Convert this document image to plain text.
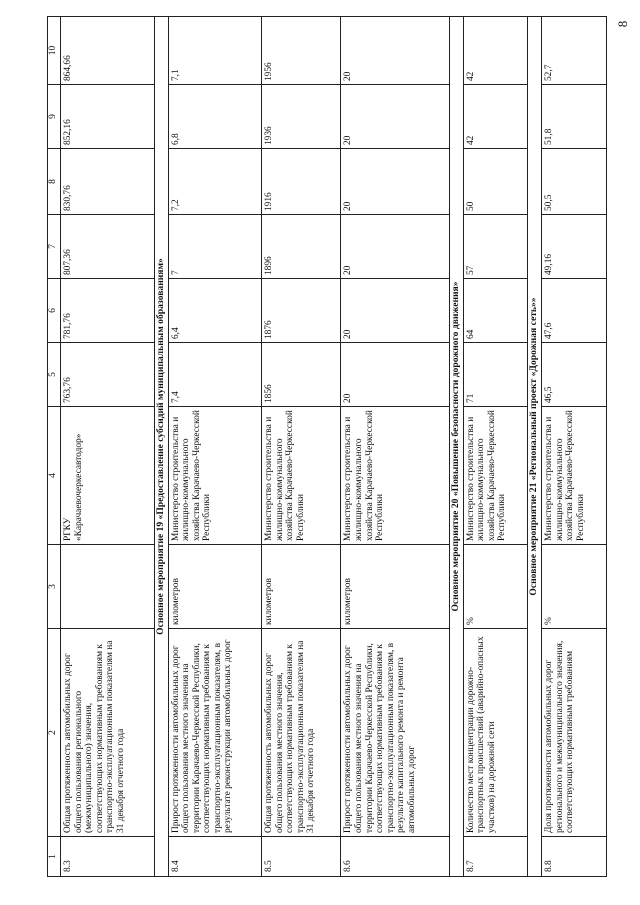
8
1	2	3	4	5	6	7	8	9	10
8.3	Общая протяженность автомобильных дорог общего пользования регионального (межмуниципального) значения, соответствующих нормативным требованиям к транспортно-эксплуатационным показателям на 31 декабря отчетного года		РГКУ «Карачаевочеркесавтодор»	763,76	781,76	807,36	830,76	852,16	864,66
Основное мероприятие 19 «Предоставление субсидий муниципальным образованиям»									
8.4	Прирост протяженности автомобильных дорог общего пользования местного значения на территории Карачаево-Черкесской Республики, соответствующих нормативным требованиям к транспортно-эксплуатационным показателям, в результате реконструкции автомобильных дорог	километров	Министерство строительства и жилищно-коммунального хозяйства Карачаево-Черкесской Республики	7,4	6,4	7	7,2	6,8	7,1
8.5	Общая протяженность автомобильных дорог общего пользования местного значения, соответствующих нормативным требованиям к транспортно-эксплуатационным показателям на 31 декабря отчетного года	километров	Министерство строительства и жилищно-коммунального хозяйства Карачаево-Черкесской Республики	1856	1876	1896	1916	1936	1956
8.6	Прирост протяженности автомобильных дорог общего пользования местного значения на территории Карачаево-Черкесской Республики, соответствующих нормативным требованиям к транспортно-эксплуатационным показателям, в результате капитального ремонта и ремонта автомобильных дорог	километров	Министерство строительства и жилищно-коммунального хозяйства Карачаево-Черкесской Республики	20	20	20	20	20	20
Основное мероприятие 20 «Повышение безопасности дорожного движения»									
8.7	Количество мест концентрации дорожно-транспортных происшествий (аварийно-опасных участков) на дорожной сети	%	Министерство строительства и жилищно-коммунального хозяйства Карачаево-Черкесской Республики	71	64	57	50	42	42
Основное мероприятие 21 «Региональный проект «Дорожная сеть»»									
8.8	Доля протяженности автомобильных дорог регионального и межмуниципального значения, соответствующих нормативным требованиям	%	Министерство строительства и жилищно-коммунального хозяйства Карачаево-Черкесской Республики	46,5	47,6	49,16	50,5	51,8	52,7
